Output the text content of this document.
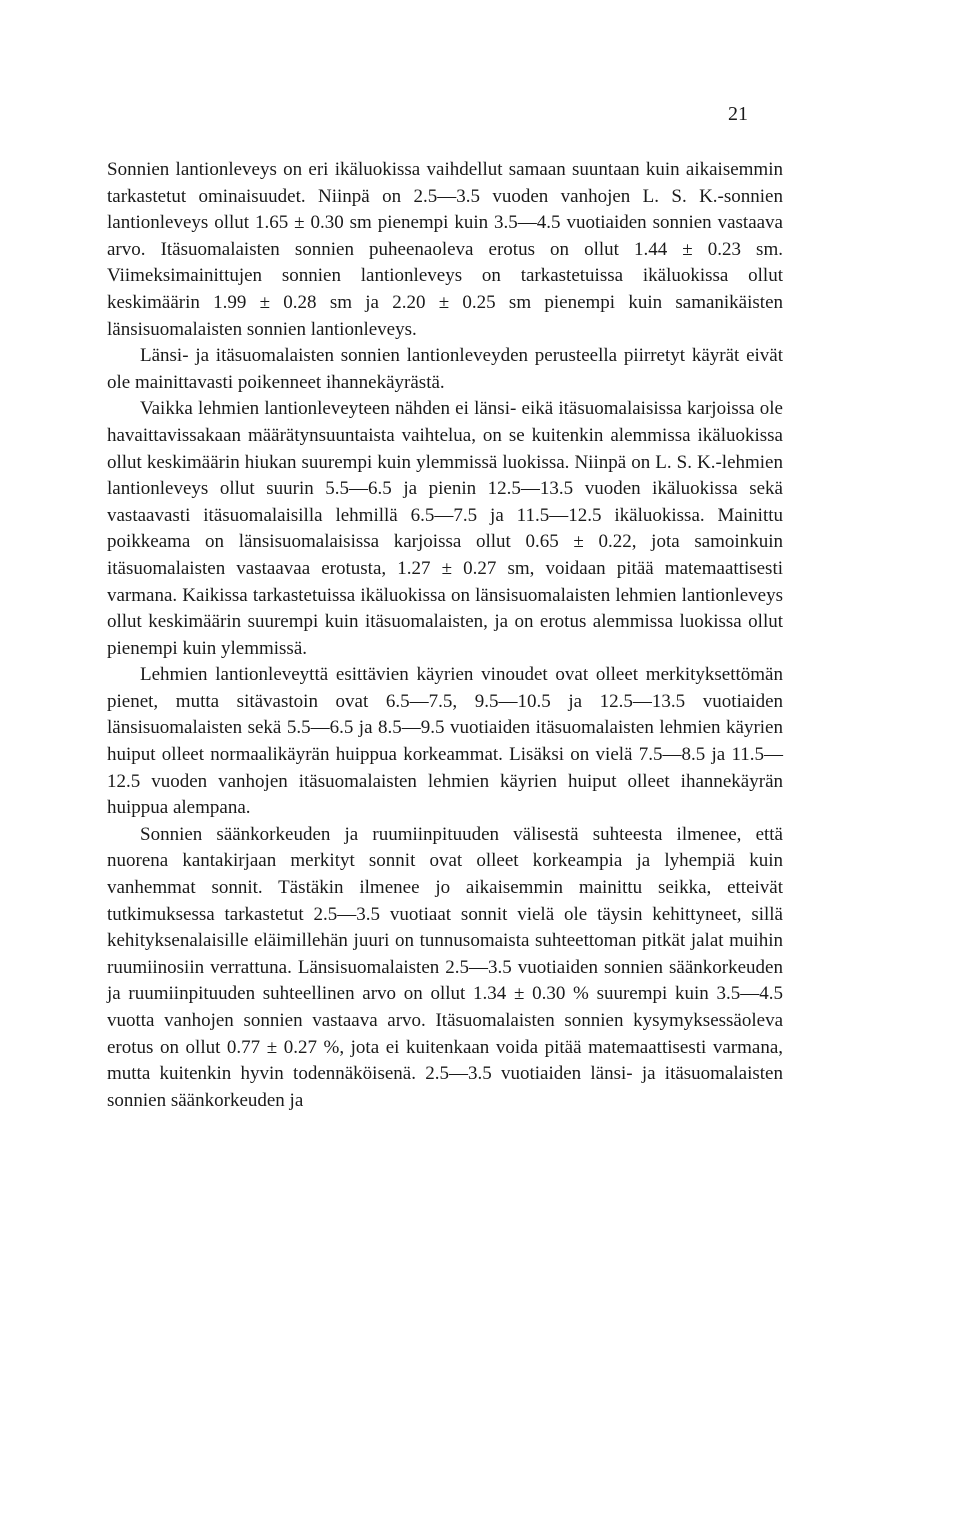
21

Sonnien lantionleveys on eri ikäluokissa vaihdellut samaan suuntaan kuin aikaisemmin tarkastetut ominaisuudet. Niinpä on 2.5—3.5 vuoden vanhojen L. S. K.-sonnien lantionleveys ollut 1.65 ± 0.30 sm pienempi kuin 3.5—4.5 vuotiaiden sonnien vastaava arvo. Itäsuomalaisten sonnien puheenaoleva erotus on ollut 1.44 ± 0.23 sm. Viimeksimainittujen sonnien lantionleveys on tarkastetuissa ikäluokissa ollut keskimäärin 1.99 ± 0.28 sm ja 2.20 ± 0.25 sm pienempi kuin samanikäisten länsisuomalaisten sonnien lantionleveys.

Länsi- ja itäsuomalaisten sonnien lantionleveyden perusteella piirretyt käyrät eivät ole mainittavasti poikenneet ihannekäyrästä.

Vaikka lehmien lantionleveyteen nähden ei länsi- eikä itäsuomalaisissa karjoissa ole havaittavissakaan määrätynsuuntaista vaihtelua, on se kuitenkin alemmissa ikäluokissa ollut keskimäärin hiukan suurempi kuin ylemmissä luokissa. Niinpä on L. S. K.-lehmien lantionleveys ollut suurin 5.5—6.5 ja pienin 12.5—13.5 vuoden ikäluokissa sekä vastaavasti itäsuomalaisilla lehmillä 6.5—7.5 ja 11.5—12.5 ikäluokissa. Mainittu poikkeama on länsisuomalaisissa karjoissa ollut 0.65 ± 0.22, jota samoinkuin itäsuomalaisten vastaavaa erotusta, 1.27 ± 0.27 sm, voidaan pitää matemaattisesti varmana. Kaikissa tarkastetuissa ikäluokissa on länsisuomalaisten lehmien lantionleveys ollut keskimäärin suurempi kuin itäsuomalaisten, ja on erotus alemmissa luokissa ollut pienempi kuin ylemmissä.

Lehmien lantionleveyttä esittävien käyrien vinoudet ovat olleet merkityksettömän pienet, mutta sitävastoin ovat 6.5—7.5, 9.5—10.5 ja 12.5—13.5 vuotiaiden länsisuomalaisten sekä 5.5—6.5 ja 8.5—9.5 vuotiaiden itäsuomalaisten lehmien käyrien huiput olleet normaalikäyrän huippua korkeammat. Lisäksi on vielä 7.5—8.5 ja 11.5—12.5 vuoden vanhojen itäsuomalaisten lehmien käyrien huiput olleet ihannekäyrän huippua alempana.

Sonnien säänkorkeuden ja ruumiinpituuden välisestä suhteesta ilmenee, että nuorena kantakirjaan merkityt sonnit ovat olleet korkeampia ja lyhempiä kuin vanhemmat sonnit. Tästäkin ilmenee jo aikaisemmin mainittu seikka, etteivät tutkimuksessa tarkastetut 2.5—3.5 vuotiaat sonnit vielä ole täysin kehittyneet, sillä kehityksenalaisille eläimillehän juuri on tunnusomaista suhteettoman pitkät jalat muihin ruumiinosiin verrattuna. Länsisuomalaisten 2.5—3.5 vuotiaiden sonnien säänkorkeuden ja ruumiinpituuden suhteellinen arvo on ollut 1.34 ± 0.30 % suurempi kuin 3.5—4.5 vuotta vanhojen sonnien vastaava arvo. Itäsuomalaisten sonnien kysymyksessäoleva erotus on ollut 0.77 ± 0.27 %, jota ei kuitenkaan voida pitää matemaattisesti varmana, mutta kuitenkin hyvin todennäköisenä. 2.5—3.5 vuotiaiden länsi- ja itäsuomalaisten sonnien säänkorkeuden ja
